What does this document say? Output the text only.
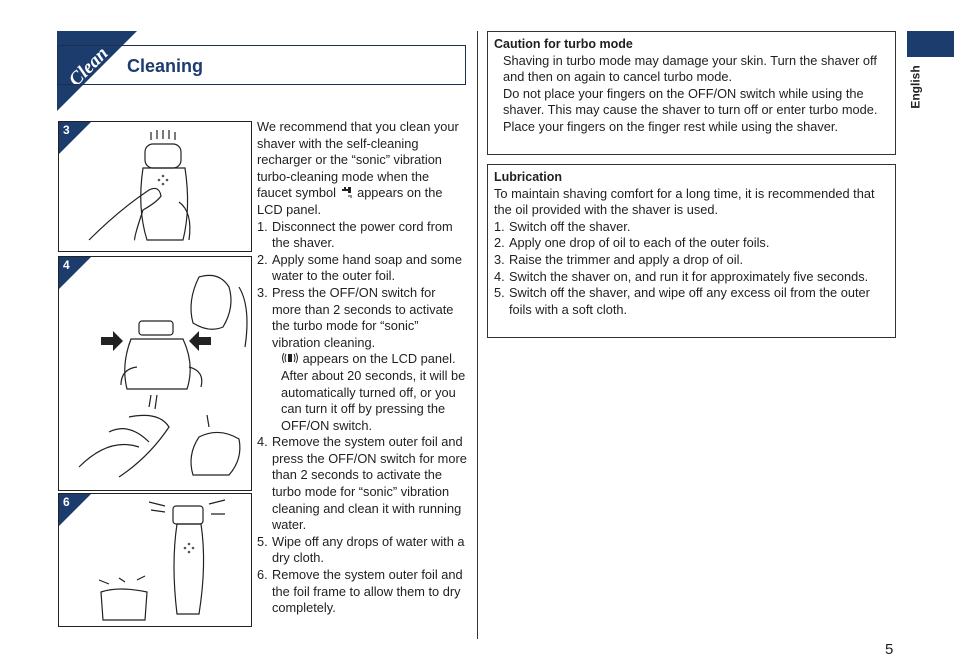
Clean Cleaning
3
4
6

We recommend that you clean your shaver with the self-cleaning recharger or the “sonic” vibration turbo-cleaning mode when the faucet symbol appears on the LCD panel.

1. Disconnect the power cord from the shaver.
2. Apply some hand soap and some water to the outer foil.
3. Press the OFF/ON switch for more than 2 seconds to activate the turbo mode for “sonic” vibration cleaning.
appears on the LCD panel.
After about 20 seconds, it will be automatically turned off, or you can turn it off by pressing the OFF/ON switch.
4. Remove the system outer foil and press the OFF/ON switch for more than 2 seconds to activate the turbo mode for “sonic” vibration cleaning and clean it with running water.
5. Wipe off any drops of water with a dry cloth.
6. Remove the system outer foil and the foil frame to allow them to dry completely.
Caution for turbo mode

Shaving in turbo mode may damage your skin. Turn the shaver off and then on again to cancel turbo mode.

Do not place your fingers on the OFF/ON switch while using the shaver. This may cause the shaver to turn off or enter turbo mode. Place your fingers on the finger rest while using the shaver.

Lubrication

To maintain shaving comfort for a long time, it is recommended that the oil provided with the shaver is used.

1. Switch off the shaver.
2. Apply one drop of oil to each of the outer foils.
3. Raise the trimmer and apply a drop of oil.
4. Switch the shaver on, and run it for approximately five seconds.
5. Switch off the shaver, and wipe off any excess oil from the outer foils with a soft cloth.
English
5
